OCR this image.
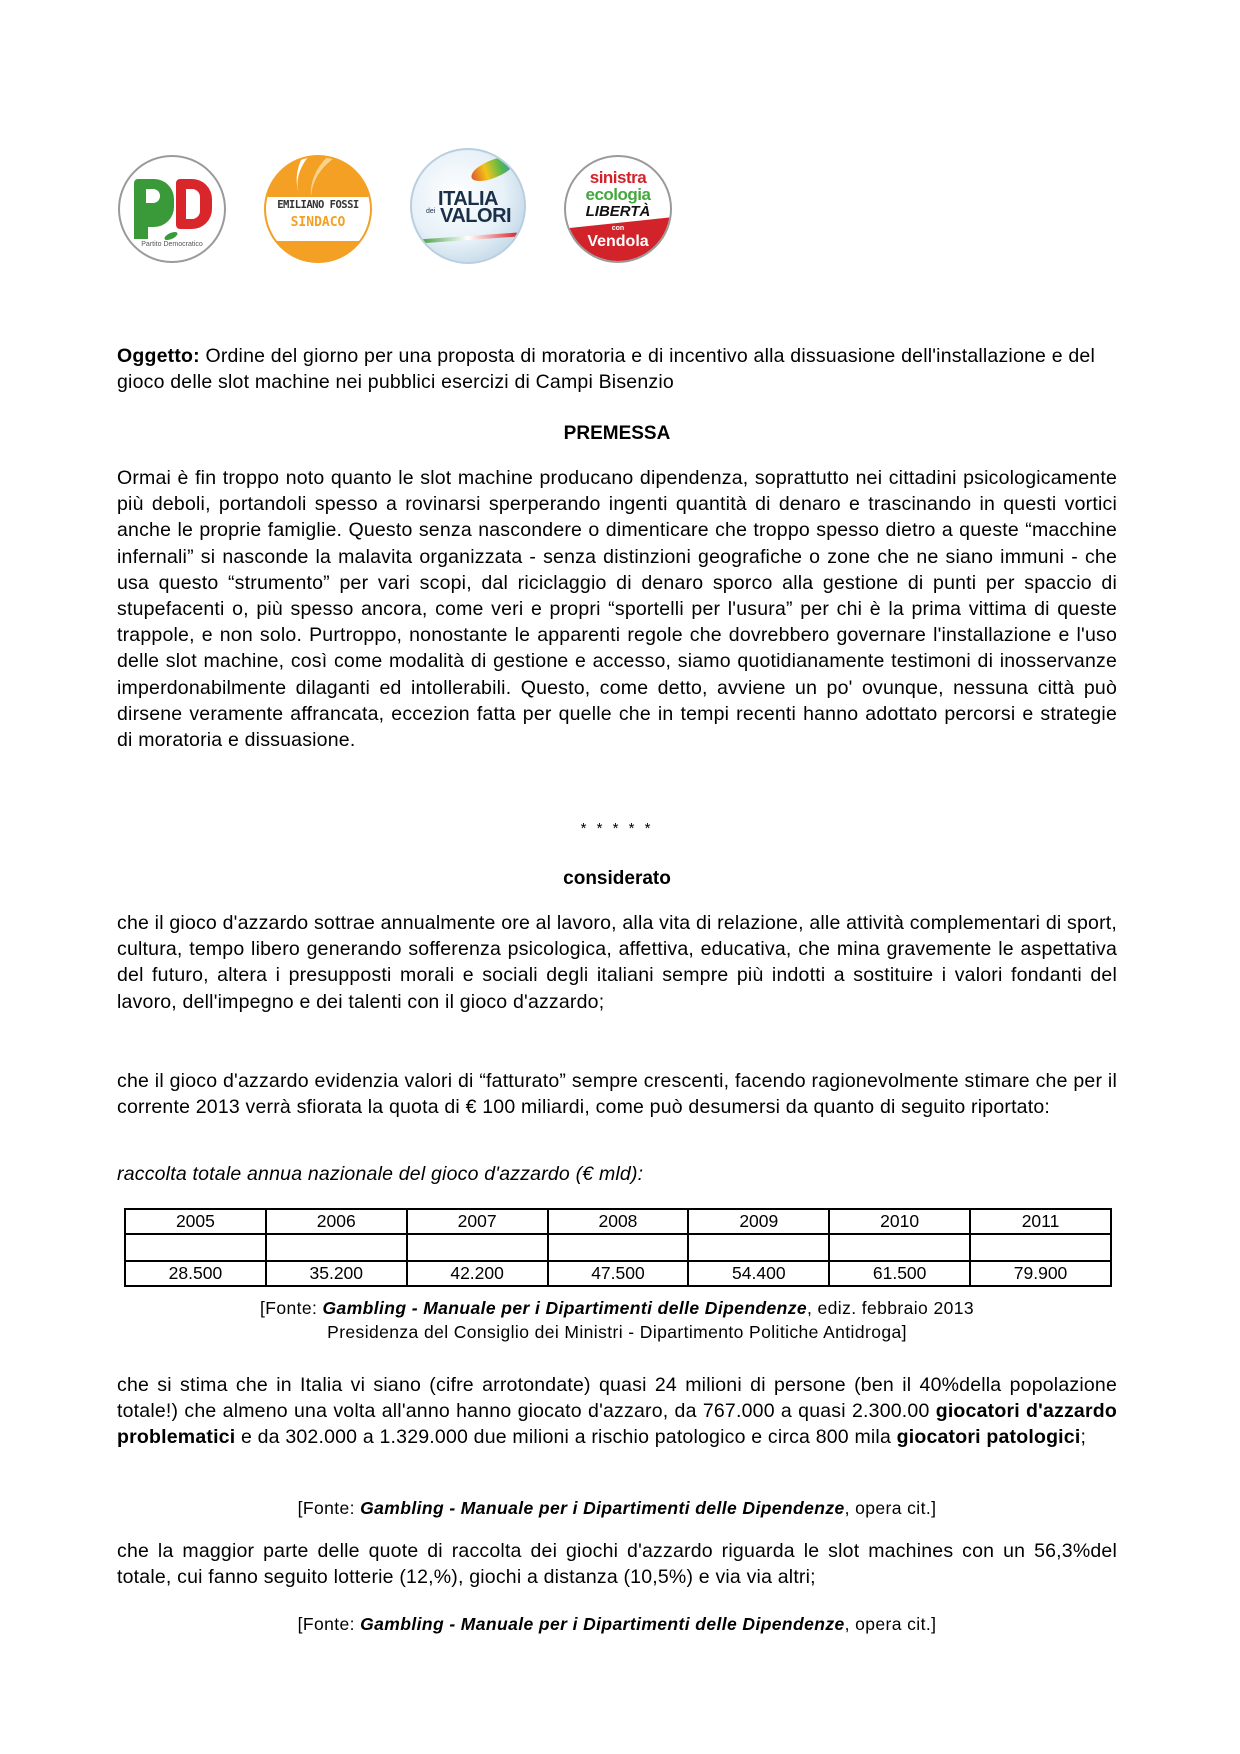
Partito Democratico
EMILIANO FOSSI
SINDACO
ITALIA
dei VALORI
sinistra
ecologia
LIBERTÀ
con
Vendola
Oggetto: Ordine del giorno per una proposta di moratoria e di incentivo alla dissuasione dell'installazione e del gioco delle slot machine nei pubblici esercizi di Campi Bisenzio
PREMESSA
Ormai è fin troppo noto quanto le slot machine producano dipendenza, soprattutto nei cittadini psicologicamente più deboli, portandoli spesso a rovinarsi sperperando ingenti quantità di denaro e trascinando in questi vortici anche le proprie famiglie. Questo senza nascondere o dimenticare che troppo spesso dietro a queste “macchine infernali” si nasconde la malavita organizzata - senza distinzioni geografiche o zone che ne siano immuni - che usa questo “strumento” per vari scopi, dal riciclaggio di denaro sporco alla gestione di punti per spaccio di stupefacenti o, più spesso ancora, come veri e propri “sportelli per l'usura” per chi è la prima vittima di queste trappole, e non solo. Purtroppo, nonostante le apparenti regole che dovrebbero governare l'installazione e l'uso delle slot machine, così come modalità di gestione e accesso, siamo quotidianamente testimoni di inosservanze imperdonabilmente dilaganti ed intollerabili. Questo, come detto, avviene un po' ovunque, nessuna città può dirsene veramente affrancata, eccezion fatta per quelle che in tempi recenti hanno adottato percorsi e strategie di moratoria e dissuasione.
* * * * *
considerato
che il gioco d'azzardo sottrae annualmente ore al lavoro, alla vita di relazione, alle attività complementari di sport, cultura, tempo libero generando sofferenza psicologica, affettiva, educativa, che mina gravemente le aspettativa del futuro, altera i presupposti morali e sociali degli italiani sempre più indotti a sostituire i valori fondanti del lavoro, dell'impegno e dei talenti con il gioco d'azzardo;
che il gioco d'azzardo evidenzia valori di “fatturato” sempre crescenti, facendo ragionevolmente stimare che per il corrente 2013 verrà sfiorata la quota di € 100 miliardi, come può desumersi da quanto di seguito riportato:
raccolta totale annua nazionale del gioco d'azzardo (€ mld):
2005	2006	2007	2008	2009	2010	2011

28.500	35.200	42.200	47.500	54.400	61.500	79.900
[Fonte: Gambling - Manuale per i Dipartimenti delle Dipendenze, ediz. febbraio 2013
Presidenza del Consiglio dei Ministri - Dipartimento Politiche Antidroga]
che si stima che in Italia vi siano (cifre arrotondate) quasi 24 milioni di persone (ben il 40%della popolazione totale!) che almeno una volta all'anno hanno giocato d'azzaro, da 767.000 a quasi 2.300.00 giocatori d'azzardo problematici e da 302.000 a 1.329.000 due milioni a rischio patologico e circa 800 mila giocatori patologici;
[Fonte: Gambling - Manuale per i Dipartimenti delle Dipendenze, opera cit.]
che la maggior parte delle quote di raccolta dei giochi d'azzardo riguarda le slot machines con un 56,3%del totale, cui fanno seguito lotterie (12,%), giochi a distanza (10,5%) e via via altri;
[Fonte: Gambling - Manuale per i Dipartimenti delle Dipendenze, opera cit.]
